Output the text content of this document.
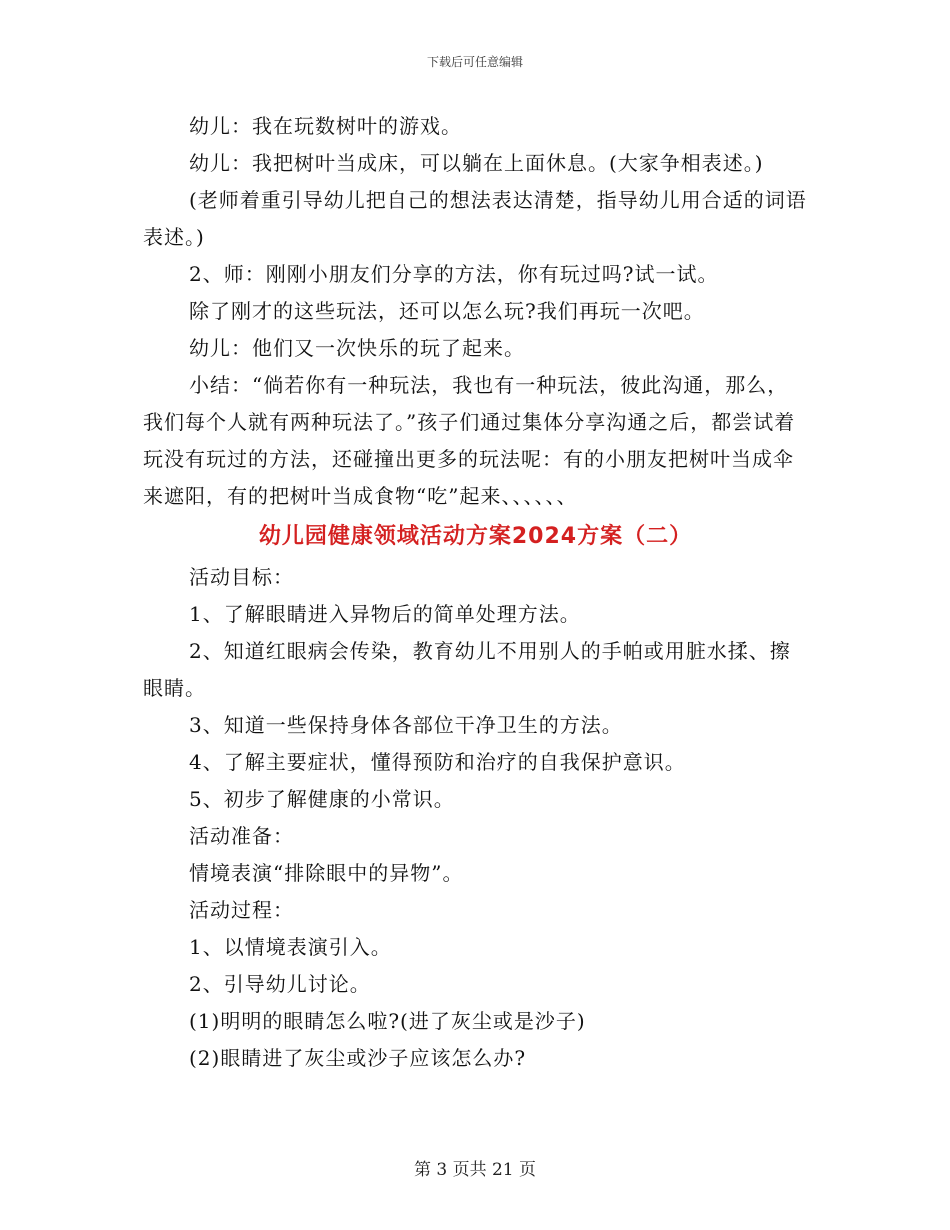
下载后可任意编辑

幼儿：我在玩数树叶的游戏。

幼儿：我把树叶当成床，可以躺在上面休息。(大家争相表述。)

(老师着重引导幼儿把自己的想法表达清楚，指导幼儿用合适的词语表述。)

2、师：刚刚小朋友们分享的方法，你有玩过吗?试一试。

除了刚才的这些玩法，还可以怎么玩?我们再玩一次吧。

幼儿：他们又一次快乐的玩了起来。

小结：“倘若你有一种玩法，我也有一种玩法，彼此沟通，那么，我们每个人就有两种玩法了。”孩子们通过集体分享沟通之后，都尝试着玩没有玩过的方法，还碰撞出更多的玩法呢：有的小朋友把树叶当成伞来遮阳，有的把树叶当成食物“吃”起来、、、、、、

幼儿园健康领域活动方案2024方案（二）

活动目标：

1、了解眼睛进入异物后的简单处理方法。

2、知道红眼病会传染，教育幼儿不用别人的手帕或用脏水揉、擦眼睛。

3、知道一些保持身体各部位干净卫生的方法。

4、了解主要症状，懂得预防和治疗的自我保护意识。

5、初步了解健康的小常识。

活动准备：

情境表演“排除眼中的异物”。

活动过程：

1、以情境表演引入。

2、引导幼儿讨论。

(1)明明的眼睛怎么啦?(进了灰尘或是沙子)

(2)眼睛进了灰尘或沙子应该怎么办?

第 3 页共 21 页
